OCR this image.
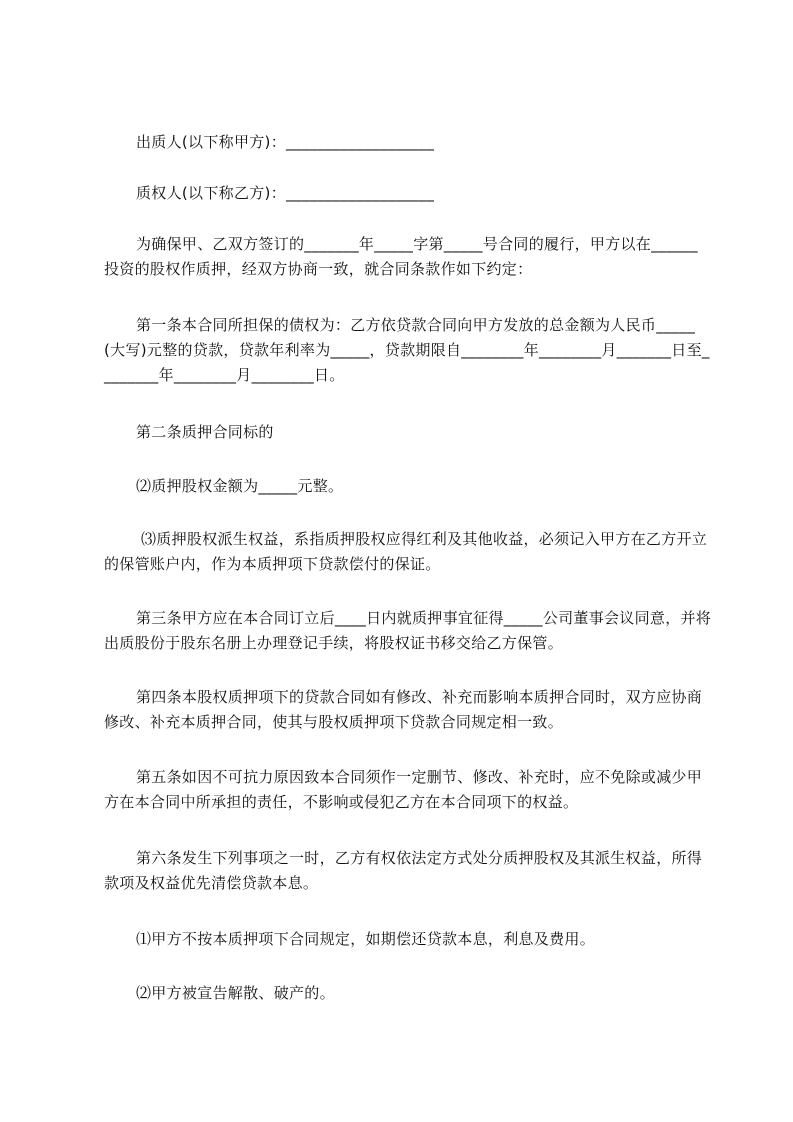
出质人(以下称甲方)：___________________

质权人(以下称乙方)：___________________

为确保甲、乙双方签订的_______年_____字第_____号合同的履行，甲方以在______投资的股权作质押，经双方协商一致，就合同条款作如下约定：

第一条本合同所担保的债权为：乙方依贷款合同向甲方发放的总金额为人民币_____(大写)元整的贷款，贷款年利率为_____，贷款期限自________年________月_______日至________年________月________日。

第二条质押合同标的

⑵质押股权金额为_____元整。

⑶质押股权派生权益，系指质押股权应得红利及其他收益，必须记入甲方在乙方开立的保管账户内，作为本质押项下贷款偿付的保证。

第三条甲方应在本合同订立后____日内就质押事宜征得_____公司董事会议同意，并将出质股份于股东名册上办理登记手续，将股权证书移交给乙方保管。

第四条本股权质押项下的贷款合同如有修改、补充而影响本质押合同时，双方应协商修改、补充本质押合同，使其与股权质押项下贷款合同规定相一致。

第五条如因不可抗力原因致本合同须作一定删节、修改、补充时，应不免除或减少甲方在本合同中所承担的责任，不影响或侵犯乙方在本合同项下的权益。

第六条发生下列事项之一时，乙方有权依法定方式处分质押股权及其派生权益，所得款项及权益优先清偿贷款本息。

⑴甲方不按本质押项下合同规定，如期偿还贷款本息，利息及费用。

⑵甲方被宣告解散、破产的。
